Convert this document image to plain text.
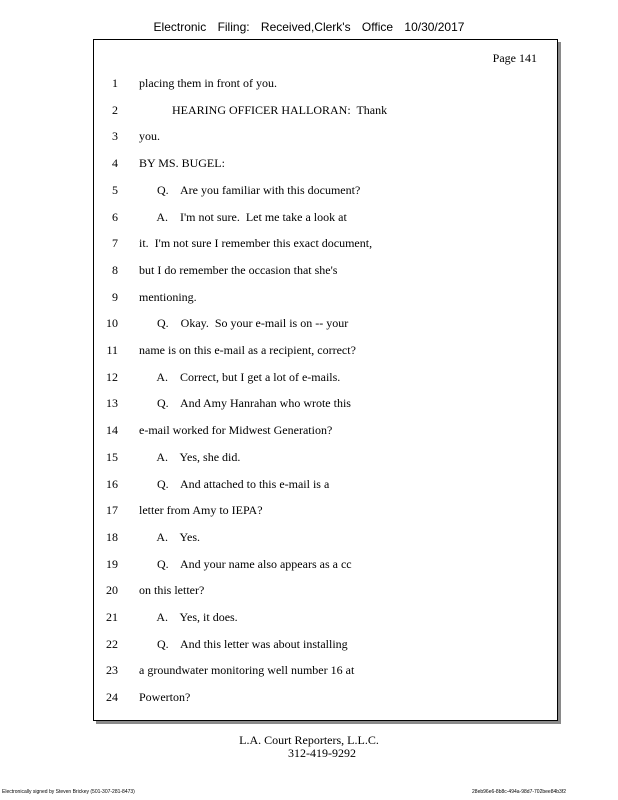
Electronic Filing: Received,Clerk's Office 10/30/2017
Page 141
1 placing them in front of you.
2 HEARING OFFICER HALLORAN:  Thank
3 you.
4 BY MS. BUGEL:
5 Q.    Are you familiar with this document?
6 A.    I'm not sure.  Let me take a look at
7 it.  I'm not sure I remember this exact document,
8 but I do remember the occasion that she's
9 mentioning.
10 Q.    Okay.  So your e-mail is on -- your
11 name is on this e-mail as a recipient, correct?
12 A.    Correct, but I get a lot of e-mails.
13 Q.    And Amy Hanrahan who wrote this
14 e-mail worked for Midwest Generation?
15 A.    Yes, she did.
16 Q.    And attached to this e-mail is a
17 letter from Amy to IEPA?
18 A.    Yes.
19 Q.    And your name also appears as a cc
20 on this letter?
21 A.    Yes, it does.
22 Q.    And this letter was about installing
23 a groundwater monitoring well number 16 at
24 Powerton?
L.A. Court Reporters, L.L.C.
312-419-9292
Electronically signed by Steven Brickey (501-307-281-8473)	28eb96e6-8b8c-494a-98d7-702bee84b3f2
